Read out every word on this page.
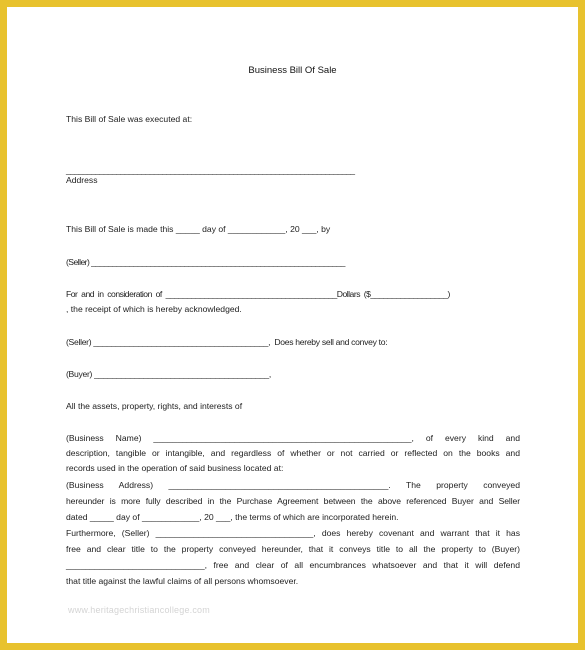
Business Bill Of Sale
This Bill of Sale was executed at:
_____________________________________________________________________
Address
This Bill of Sale is made this _____ day of ____________, 20 ___, by
(Seller) ____________________________________________________________
For  and  in  consideration  of  ________________________________________Dollars  ($__________________)
, the receipt of which is hereby acknowledged.
(Seller) _______________________________________,  Does hereby sell and convey to:
(Buyer) _______________________________________,
All the assets, property, rights, and interests of
(Business Name) ______________________________________________________, of every kind and
description, tangible or intangible, and regardless of whether or not carried or reflected on the books and
records used in the operation of said business located at:
(Business Address) ______________________________________________. The property conveyed
hereunder is more fully described in the Purchase Agreement between the above referenced Buyer and Seller
dated _____ day of ____________, 20 ___, the terms of which are incorporated herein.
Furthermore, (Seller) _________________________________, does hereby covenant and warrant that it has
free and clear title to the property conveyed hereunder, that it conveys title to all the property to (Buyer)
_____________________________, free and clear of all encumbrances whatsoever and that it will defend
that title against the lawful claims of all persons whomsoever.
www.heritagechristiancollege.com
